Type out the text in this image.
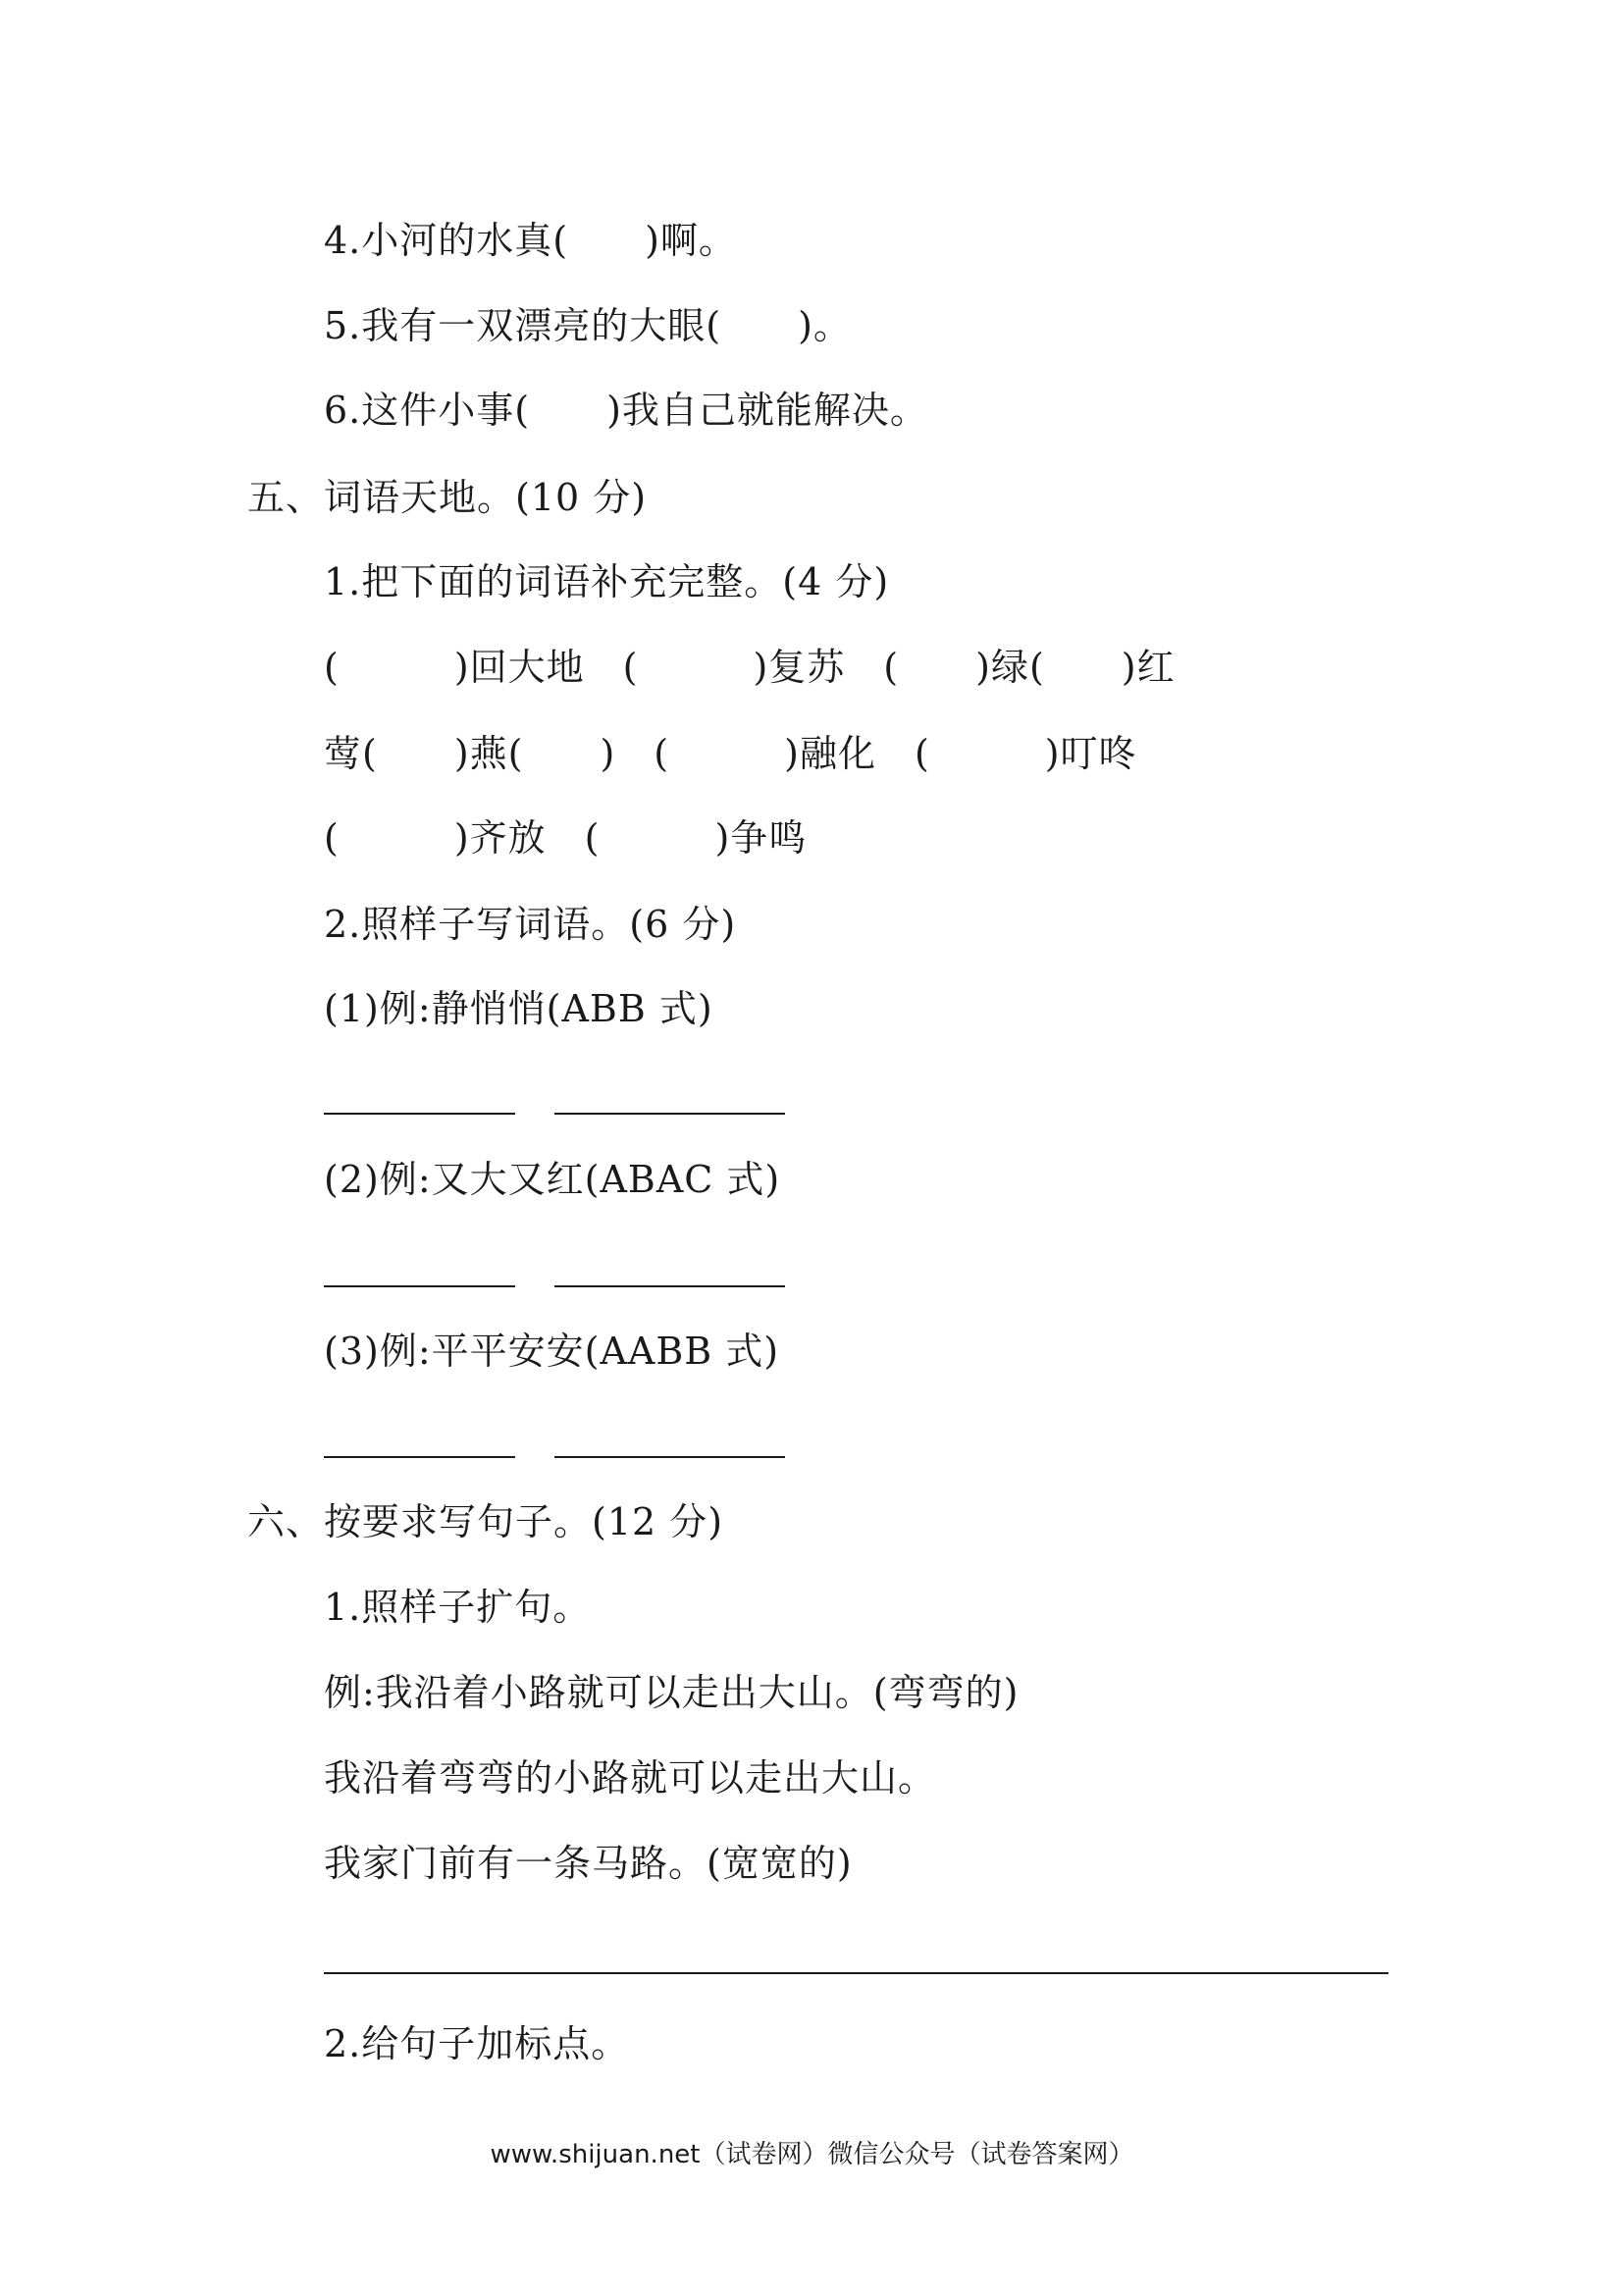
4.小河的水真(　　)啊。
5.我有一双漂亮的大眼(　　)。
6.这件小事(　　)我自己就能解决。
五、词语天地。(10 分)
1.把下面的词语补充完整。(4 分)
(　　　)回大地　(　　　)复苏　(　　)绿(　　)红
莺(　　)燕(　　)　(　　　)融化　(　　　)叮咚
(　　　)齐放　(　　　)争鸣
2.照样子写词语。(6 分)
(1)例:静悄悄(ABB 式)
(2)例:又大又红(ABAC 式)
(3)例:平平安安(AABB 式)
六、按要求写句子。(12 分)
1.照样子扩句。
例:我沿着小路就可以走出大山。(弯弯的)
我沿着弯弯的小路就可以走出大山。
我家门前有一条马路。(宽宽的)
2.给句子加标点。
www.shijuan.net（试卷网）微信公众号（试卷答案网）
